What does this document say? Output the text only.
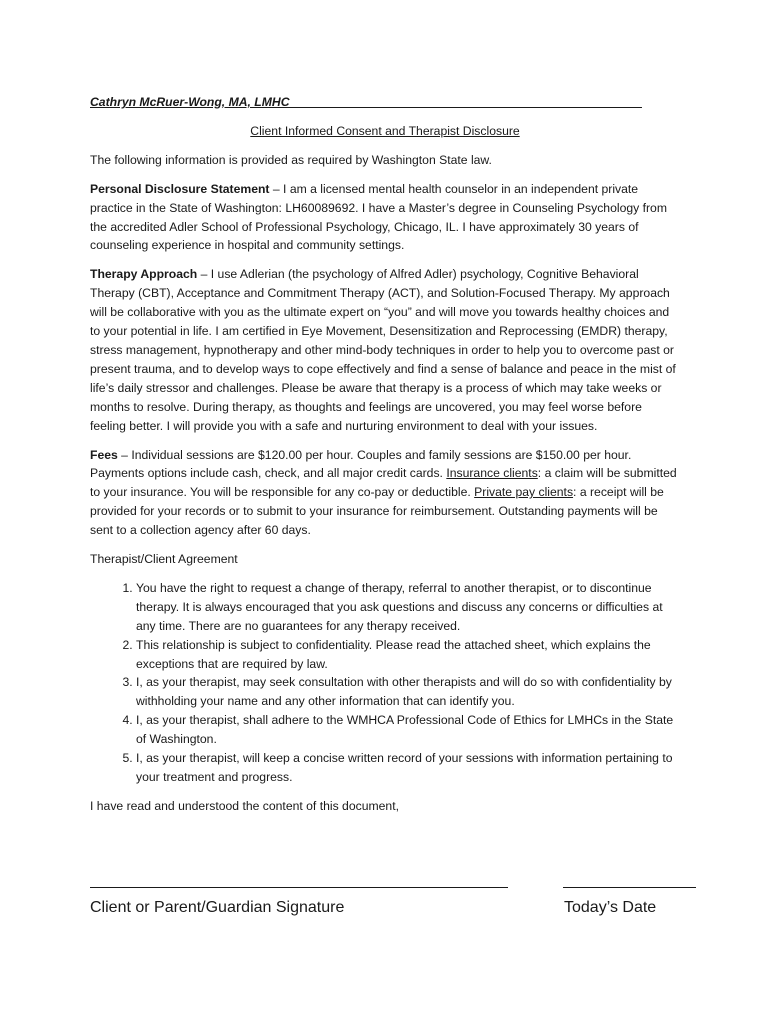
Cathryn McRuer-Wong, MA, LMHC____________________________________________________
Client Informed Consent and Therapist Disclosure

The following information is provided as required by Washington State law.

Personal Disclosure Statement – I am a licensed mental health counselor in an independent private practice in the State of Washington: LH60089692. I have a Master’s degree in Counseling Psychology from the accredited Adler School of Professional Psychology, Chicago, IL. I have approximately 30 years of counseling experience in hospital and community settings.

Therapy Approach – I use Adlerian (the psychology of Alfred Adler) psychology, Cognitive Behavioral Therapy (CBT), Acceptance and Commitment Therapy (ACT), and Solution-Focused Therapy. My approach will be collaborative with you as the ultimate expert on “you” and will move you towards healthy choices and to your potential in life. I am certified in Eye Movement, Desensitization and Reprocessing (EMDR) therapy, stress management, hypnotherapy and other mind-body techniques in order to help you to overcome past or present trauma, and to develop ways to cope effectively and find a sense of balance and peace in the mist of life’s daily stressor and challenges. Please be aware that therapy is a process of which may take weeks or months to resolve. During therapy, as thoughts and feelings are uncovered, you may feel worse before feeling better. I will provide you with a safe and nurturing environment to deal with your issues.

Fees – Individual sessions are $120.00 per hour. Couples and family sessions are $150.00 per hour. Payments options include cash, check, and all major credit cards. Insurance clients: a claim will be submitted to your insurance. You will be responsible for any co-pay or deductible. Private pay clients: a receipt will be provided for your records or to submit to your insurance for reimbursement. Outstanding payments will be sent to a collection agency after 60 days.

Therapist/Client Agreement

1. You have the right to request a change of therapy, referral to another therapist, or to discontinue therapy. It is always encouraged that you ask questions and discuss any concerns or difficulties at any time. There are no guarantees for any therapy received.
2. This relationship is subject to confidentiality. Please read the attached sheet, which explains the exceptions that are required by law.
3. I, as your therapist, may seek consultation with other therapists and will do so with confidentiality by withholding your name and any other information that can identify you.
4. I, as your therapist, shall adhere to the WMHCA Professional Code of Ethics for LMHCs in the State of Washington.
5. I, as your therapist, will keep a concise written record of your sessions with information pertaining to your treatment and progress.

I have read and understood the content of this document,

_______________________________________________
Client or Parent/Guardian Signature
_______________
Today’s Date
